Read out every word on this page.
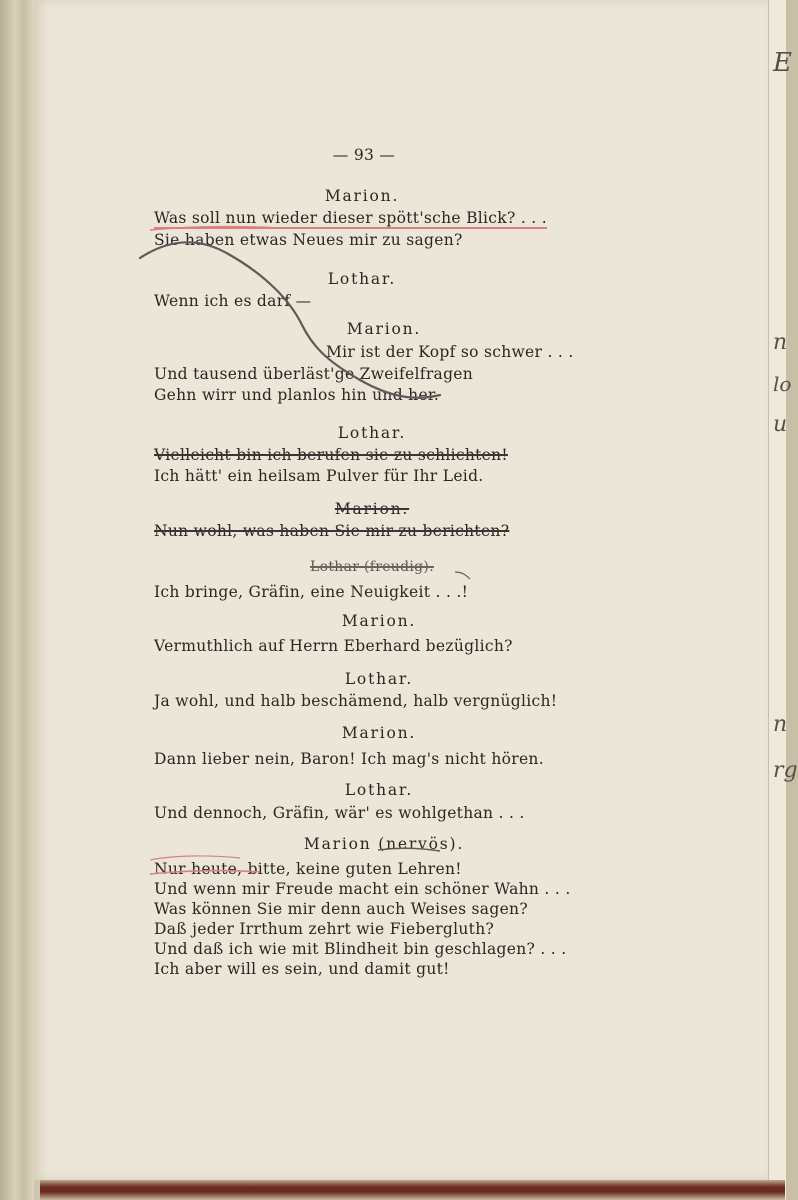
— 93 —
Marion.
Was soll nun wieder dieser spött'sche Blick? . . .
Sie haben etwas Neues mir zu sagen?
Lothar.
Wenn ich es darf —
Marion.
Mir ist der Kopf so schwer . . .
Und tausend überläst'ge Zweifelfragen
Gehn wirr und planlos hin und her.
Lothar.
Vielleicht bin ich berufen sie zu schlichten!
Ich hätt' ein heilsam Pulver für Ihr Leid.
Marion.
Nun wohl, was haben Sie mir zu berichten?
Lothar (freudig).
Ich bringe, Gräfin, eine Neuigkeit . . .!
Marion.
Vermuthlich auf Herrn Eberhard bezüglich?
Lothar.
Ja wohl, und halb beschämend, halb vergnüglich!
Marion.
Dann lieber nein, Baron! Ich mag's nicht hören.
Lothar.
Und dennoch, Gräfin, wär' es wohlgethan . . .
Marion (nervös).
Nur heute, bitte, keine guten Lehren!
Und wenn mir Freude macht ein schöner Wahn . . .
Was können Sie mir denn auch Weises sagen?
Daß jeder Irrthum zehrt wie Fiebergluth?
Und daß ich wie mit Blindheit bin geschlagen? . . .
Ich aber will es sein, und damit gut!
E
n
lo
u
n
rg
